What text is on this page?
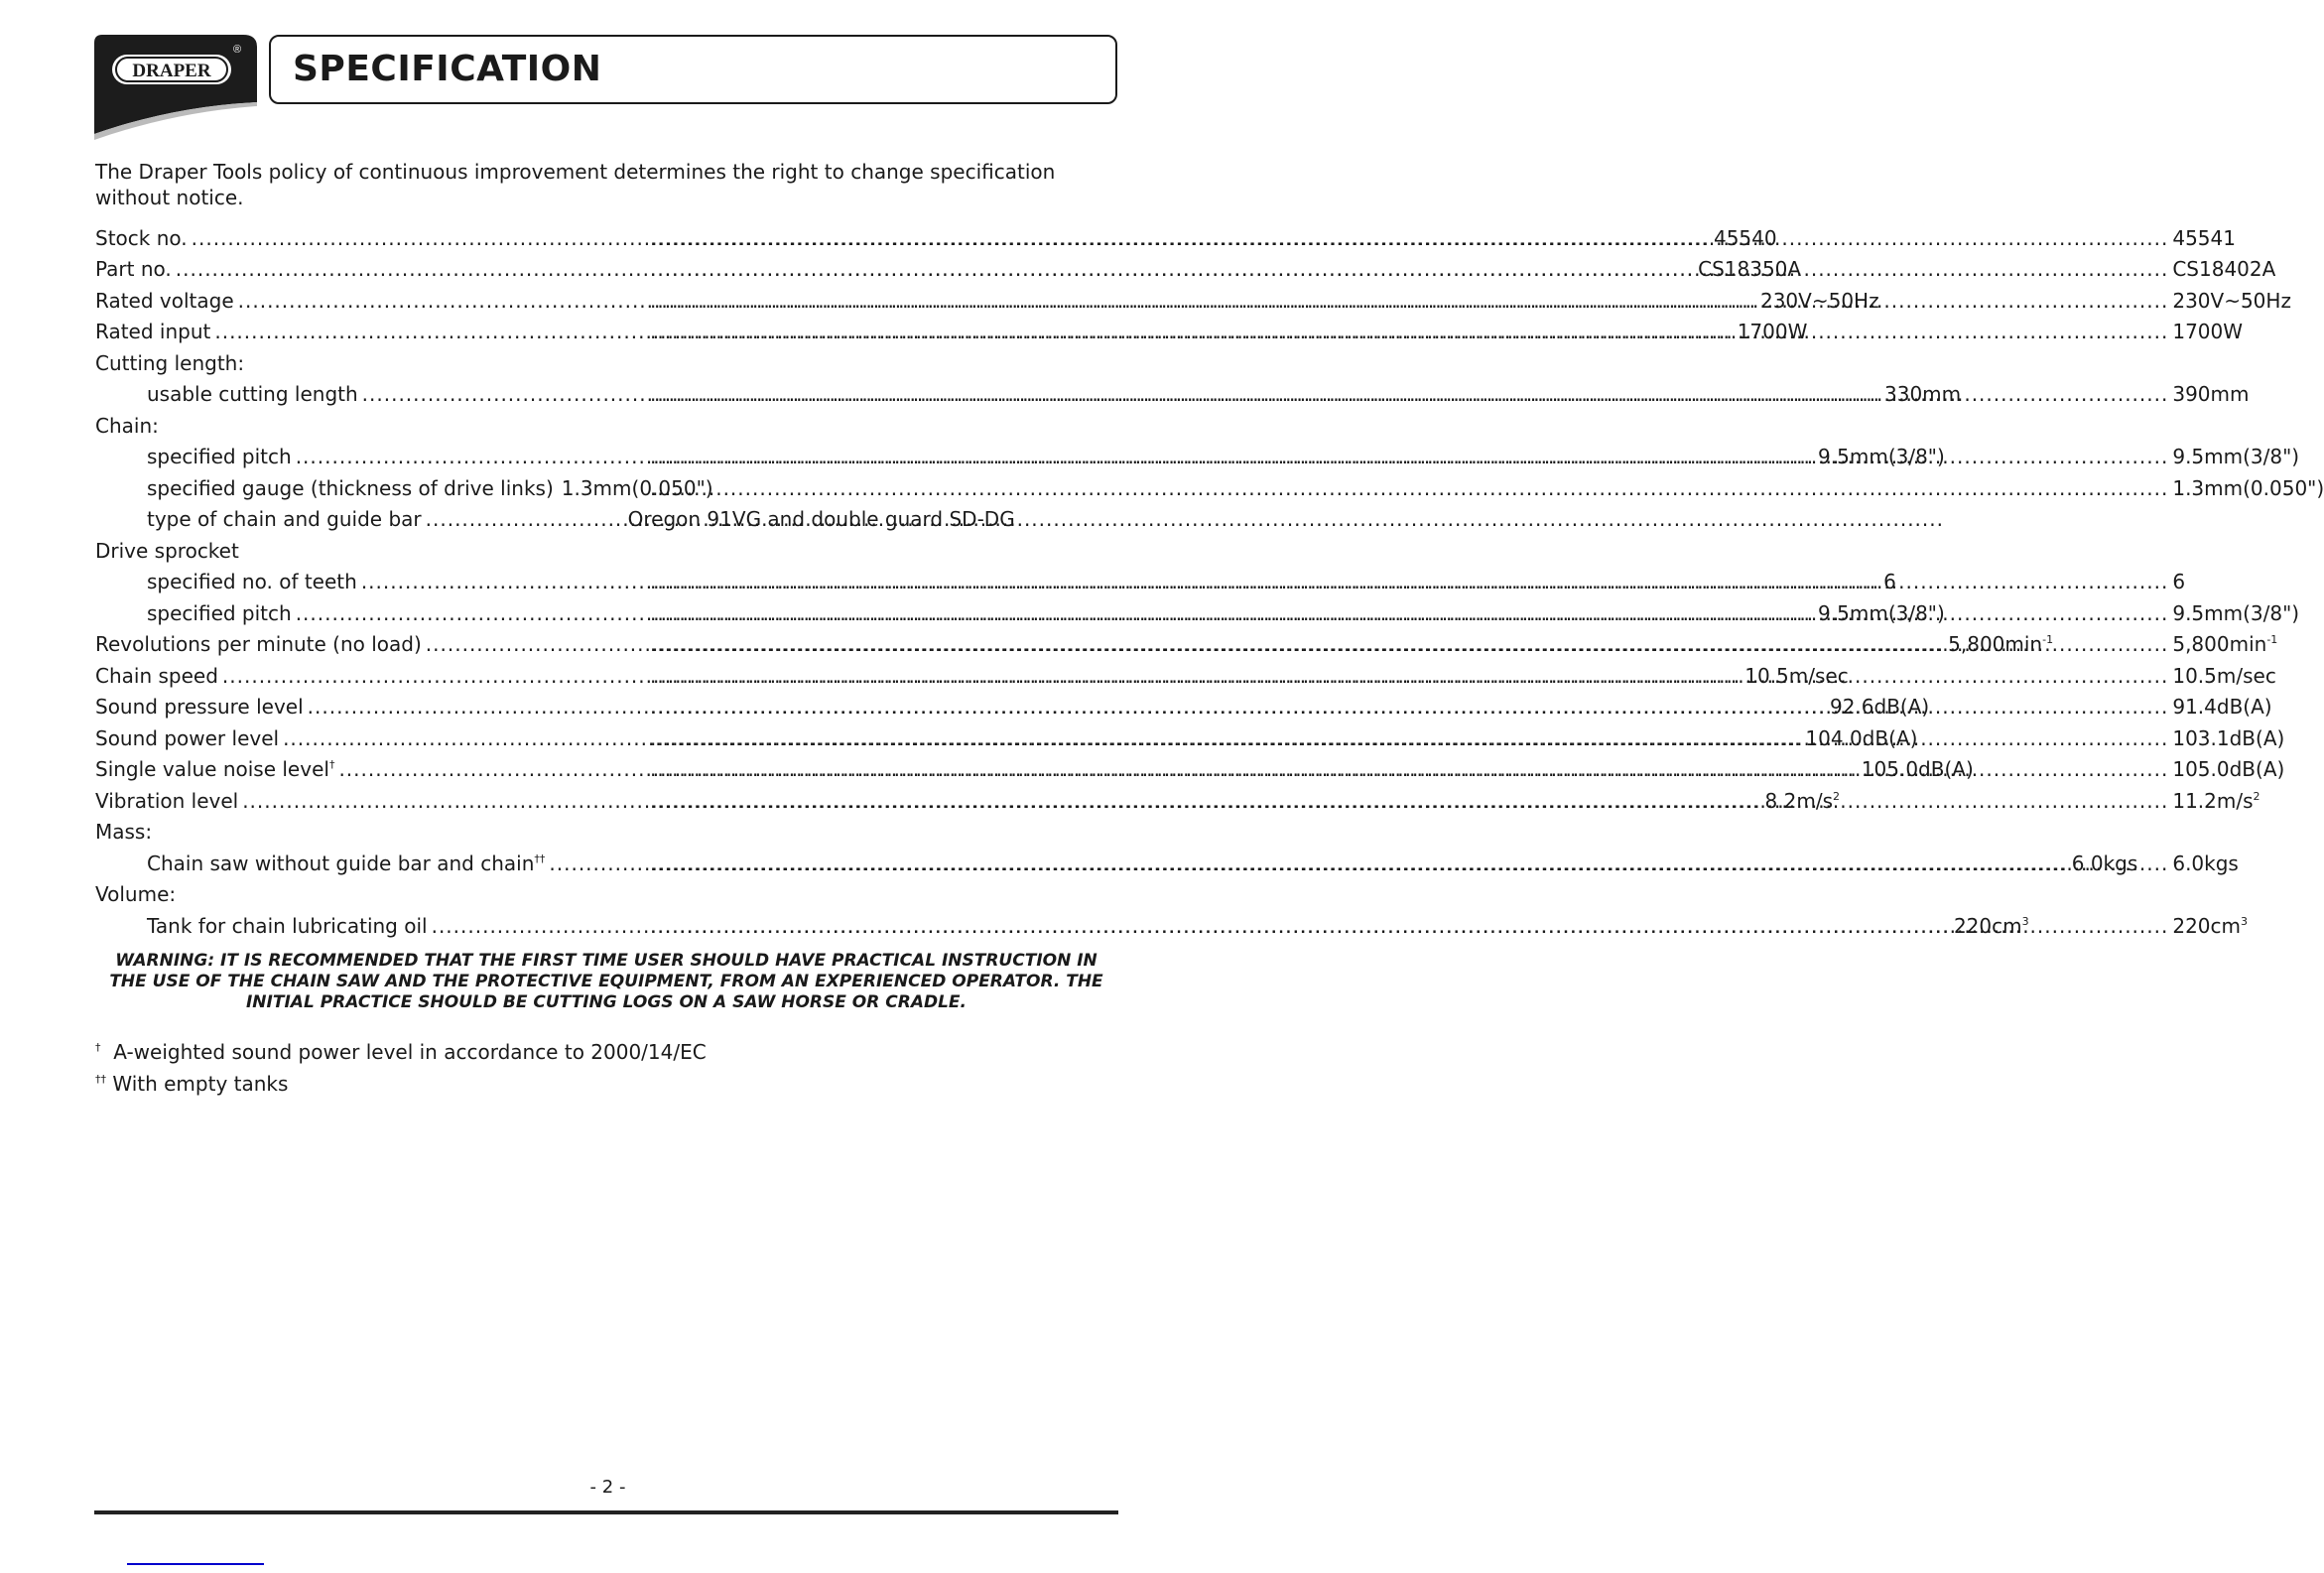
DRAPER
® SPECIFICATION
The Draper Tools policy of continuous improvement determines the right to change specification without notice.
Stock no. .....	45540 .....	45541
Part no. .....	CS18350A .....	CS18402A
Rated voltage .....	230V~50Hz .....	230V~50Hz
Rated input .....	1700W .....	1700W
Cutting length:
usable cutting length .....	330mm .....	390mm
Chain:
specified pitch .....	9.5mm(3/8") .....	9.5mm(3/8")
specified gauge (thickness of drive links) 1.3mm(0.050") .....	1.3mm(0.050")
type of chain and guide bar .....	Oregon 91VG and double guard SD-DG
Drive sprocket
specified no. of teeth .....	6 .....	6
specified pitch .....	9.5mm(3/8") .....	9.5mm(3/8")
Revolutions per minute (no load) .....	$5,800\min^{-1}$ .....	$5,800\min^{-1}$
Chain speed .....	10.5m/sec .....	10.5m/sec
Sound pressure level .....	92.6dB(A) .....	91.4dB(A)
Sound power level .....	104.0dB(A) .....	103.1dB(A)
Single value noise level† .....	105.0dB(A) .....	105.0dB(A)
Vibration level .....	$8.2m/s^2$ .....	$11.2m/s^2$
Mass:
Chain saw without guide bar and chain†† .....	6.0kgs ..... 6.0kgs
Volume:
Tank for chain lubricating oil .....	$220cm^3$ .....	$220cm^3$
WARNING: IT IS RECOMMENDED THAT THE FIRST TIME USER SHOULD HAVE PRACTICAL INSTRUCTION IN THE USE OF THE CHAIN SAW AND THE PROTECTIVE EQUIPMENT, FROM AN EXPERIENCED OPERATOR. THE INITIAL PRACTICE SHOULD BE CUTTING LOGS ON A SAW HORSE OR CRADLE.
† A-weighted sound power level in accordance to 2000/14/EC
†† With empty tanks
- 2 -
